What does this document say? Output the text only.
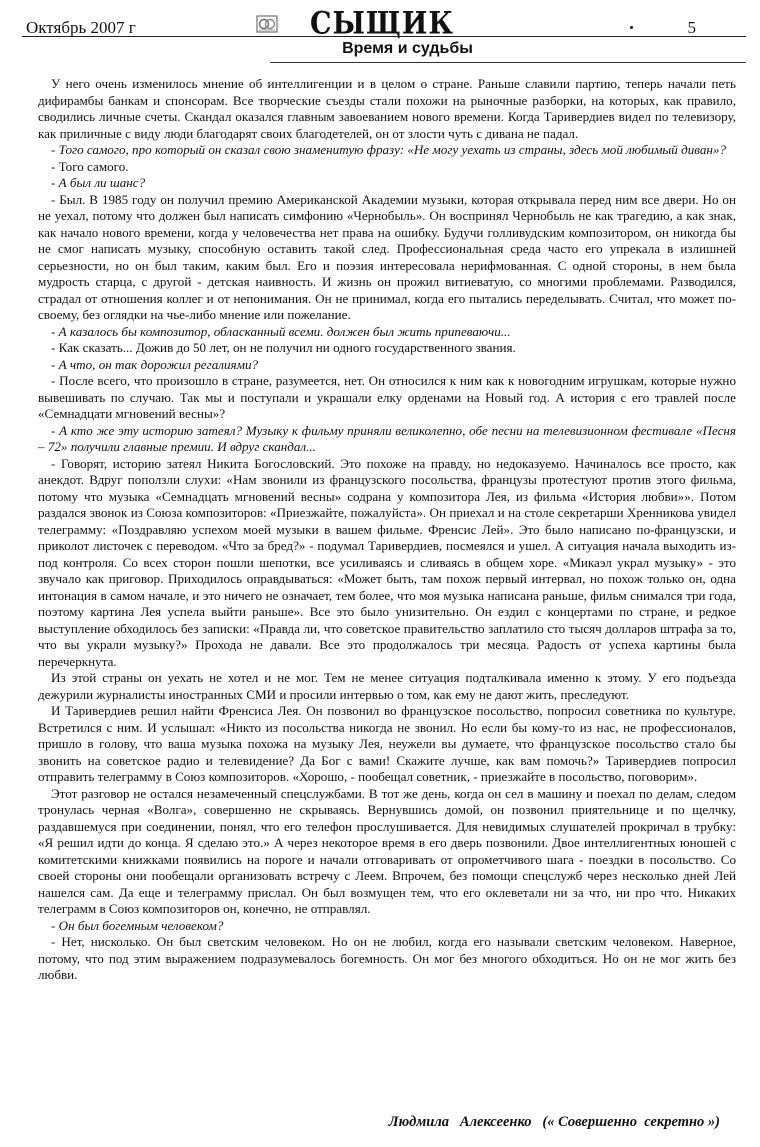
Октябрь 2007 г	СЫЩИК	5
Время и судьбы

У него очень изменилось мнение об интеллигенции и в целом о стране. Раньше славили партию, теперь начали петь дифирамбы банкам и спонсорам. Все творческие съезды стали похожи на рыночные разборки, на которых, как правило, сводились личные счеты. Скандал оказался главным завоеванием нового времени. Когда Таривердиев видел по телевизору, как приличные с виду люди благодарят своих благодетелей, он от злости чуть с дивана не падал.

- Того самого, про который он сказал свою знаменитую фразу: «Не могу уехать из страны, здесь мой любимый диван»?

- Того самого.

- А был ли шанс?

- Был. В 1985 году он получил премию Американской Академии музыки, которая открывала перед ним все двери. Но он не уехал, потому что должен был написать симфонию «Чернобыль». Он воспринял Чернобыль не как трагедию, а как знак, как начало нового времени, когда у человечества нет права на ошибку. Будучи голливудским композитором, он никогда бы не смог написать музыку, способную оставить такой след. Профессиональная среда часто его упрекала в излишней серьезности, но он был таким, каким был. Его и поэзия интересовала нерифмованная. С одной стороны, в нем была мудрость старца, с другой - детская наивность. И жизнь он прожил витиеватую, со многими проблемами. Разводился, страдал от отношения коллег и от непонимания. Он не принимал, когда его пытались переделывать. Считал, что может по-своему, без оглядки на чье-либо мнение или пожелание.

- А казалось бы композитор, обласканный всеми. должен был жить припеваючи...

- Как сказать... Дожив до 50 лет, он не получил ни одного государственного звания.

- А что, он так дорожил регалиями?

- После всего, что произошло в стране, разумеется, нет. Он относился к ним как к новогодним игрушкам, которые нужно вывешивать по случаю. Так мы и поступали и украшали елку орденами на Новый год. А история с его травлей после «Семнадцати мгновений весны»?

- А кто же эту историю затеял? Музыку к фильму приняли великолепно, обе песни на телевизионном фестивале «Песня – 72» получили главные премии. И вдруг скандал...

- Говорят, историю затеял Никита Богословский. Это похоже на правду, но недоказуемо. Начиналось все просто, как анекдот. Вдруг поползли слухи: «Нам звонили из французского посольства, французы протестуют против этого фильма, потому что музыка «Семнадцать мгновений весны» содрана у композитора Лея, из фильма «История любви»». Потом раздался звонок из Союза композиторов: «Приезжайте, пожалуйста». Он приехал и на столе секретарши Хренникова увидел телеграмму: «Поздравляю успехом моей музыки в вашем фильме. Френсис Лей». Это было написано по-французски, и приколот листочек с переводом. «Что за бред?» - подумал Таривердиев, посмеялся и ушел. А ситуация начала выходить из-под контроля. Со всех сторон пошли шепотки, все усиливаясь и сливаясь в общем хоре. «Микаэл украл музыку» - это звучало как приговор. Приходилось оправдываться: «Может быть, там похож первый интервал, но похож только он, одна интонация в самом начале, и это ничего не означает, тем более, что моя музыка написана раньше, фильм снимался три года, поэтому картина Лея успела выйти раньше». Все это было унизительно. Он ездил с концертами по стране, и редкое выступление обходилось без записки: «Правда ли, что советское правительство заплатило сто тысяч долларов штрафа за то, что вы украли музыку?» Прохода не давали. Все это продолжалось три месяца. Радость от успеха картины была перечеркнута.

Из этой страны он уехать не хотел и не мог. Тем не менее ситуация подталкивала именно к этому. У его подъезда дежурили журналисты иностранных СМИ и просили интервью о том, как ему не дают жить, преследуют.

И Таривердиев решил найти Френсиса Лея. Он позвонил во французское посольство, попросил советника по культуре. Встретился с ним. И услышал: «Никто из посольства никогда не звонил. Но если бы кому-то из нас, не профессионалов, пришло в голову, что ваша музыка похожа на музыку Лея, неужели вы думаете, что французское посольство стало бы звонить на советское радио и телевидение? Да Бог с вами! Скажите лучше, как вам помочь?» Таривердиев попросил отправить телеграмму в Союз композиторов. «Хорошо, - пообещал советник, - приезжайте в посольство, поговорим».

Этот разговор не остался незамеченный спецслужбами. В тот же день, когда он сел в машину и поехал по делам, следом тронулась черная «Волга», совершенно не скрываясь. Вернувшись домой, он позвонил приятельнице и по щелчку, раздавшемуся при соединении, понял, что его телефон прослушивается. Для невидимых слушателей прокричал в трубку: «Я решил идти до конца. Я сделаю это.» А через некоторое время в его дверь позвонили. Двое интеллигентных юношей с комитетскими книжками появились на пороге и начали отговаривать от опрометчивого шага - поездки в посольство. Со своей стороны они пообещали организовать встречу с Леем. Впрочем, без помощи спецслужб через несколько дней Лей нашелся сам. Да еще и телеграмму прислал. Он был возмущен тем, что его оклеветали ни за что, ни про что. Никаких телеграмм в Союз композиторов он, конечно, не отправлял.

- Он был богемным человеком?

- Нет, нисколько. Он был светским человеком. Но он не любил, когда его называли светским человеком. Наверное, потому, что под этим выражением подразумевалось богемность. Он мог без многого обходиться. Но он не мог жить без любви.

Людмила   Алексеенко   (« Совершенно  секретно »)
